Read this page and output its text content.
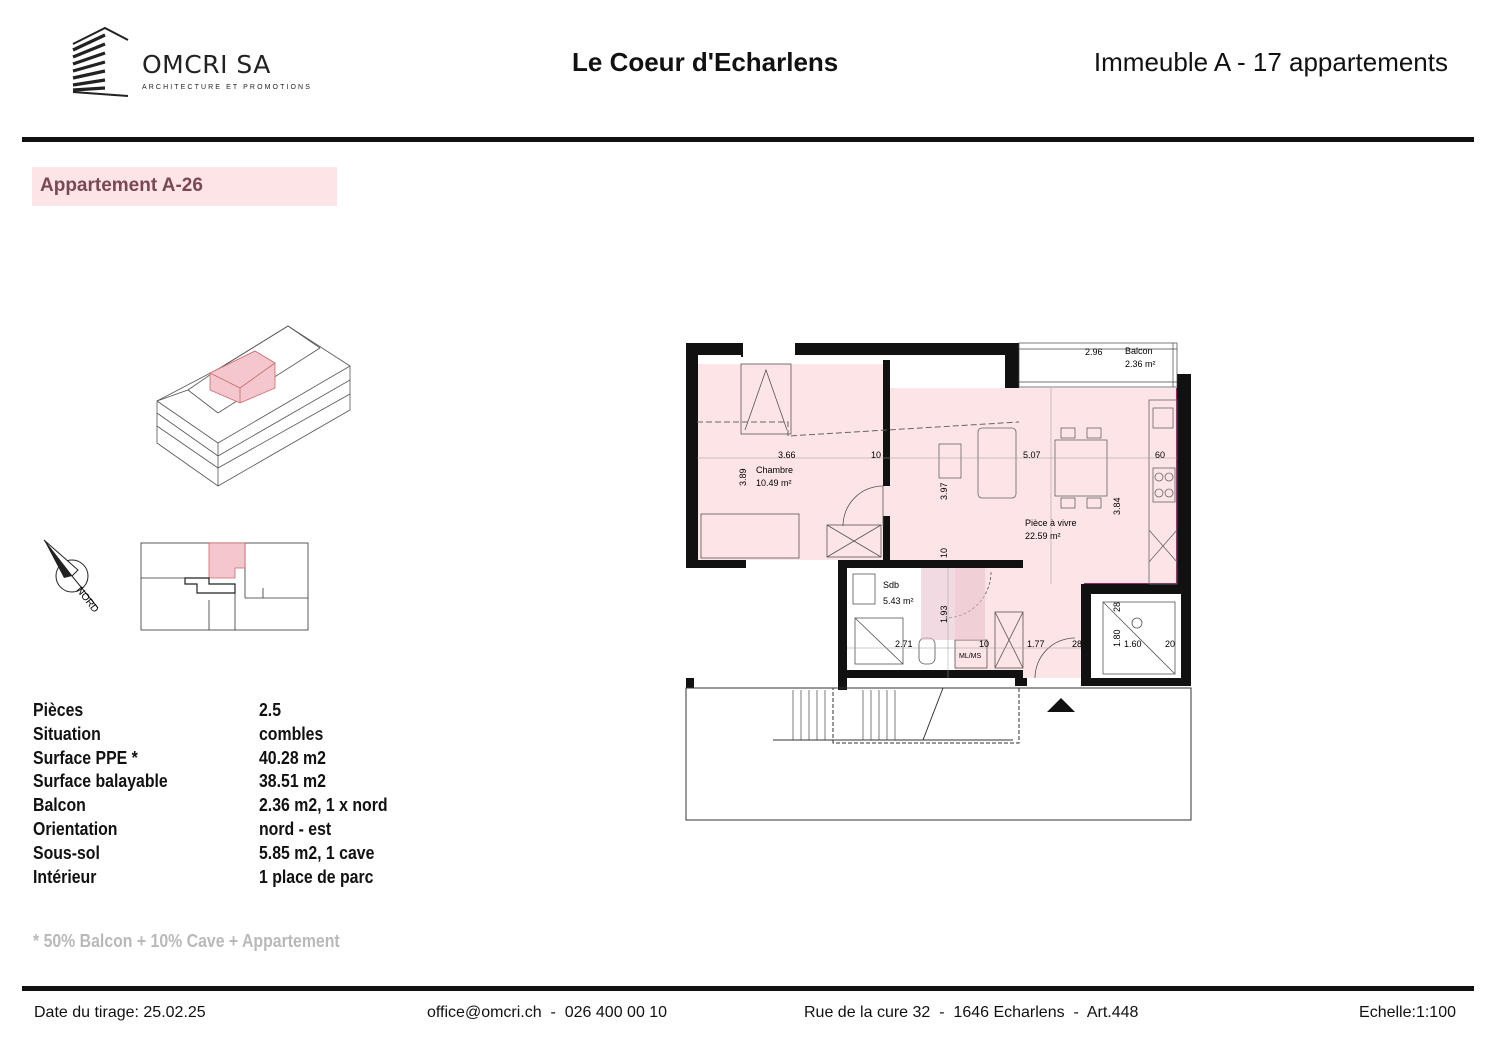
OMCRI SA
ARCHITECTURE ET PROMOTIONS
Le Coeur d'Echarlens	Immeuble A - 17 appartements
Appartement A-26
NORD
Pièces	2.5
Situation	combles
Surface PPE *	40.28 m2
Surface balayable	38.51 m2
Balcon	2.36 m2, 1 x nord
Orientation	nord - est
Sous-sol	5.85 m2, 1 cave
Intérieur	1 place de parc
* 50% Balcon + 10% Cave + Appartement
Balcon
2.36 m²
2.96
Chambre
10.49 m²
Pièce à vivre
22.59 m²
Sdb
5.43 m²
ML/MS
3.66	10	5.07	60
3.89
3.97
3.84
10
1.93
2.71	10	1.77	28	1.80
28
1.60	20
Date du tirage: 25.02.25	office@omcri.ch  -  026 400 00 10	Rue de la cure 32  -  1646 Echarlens  -  Art.448	Echelle:1:100
